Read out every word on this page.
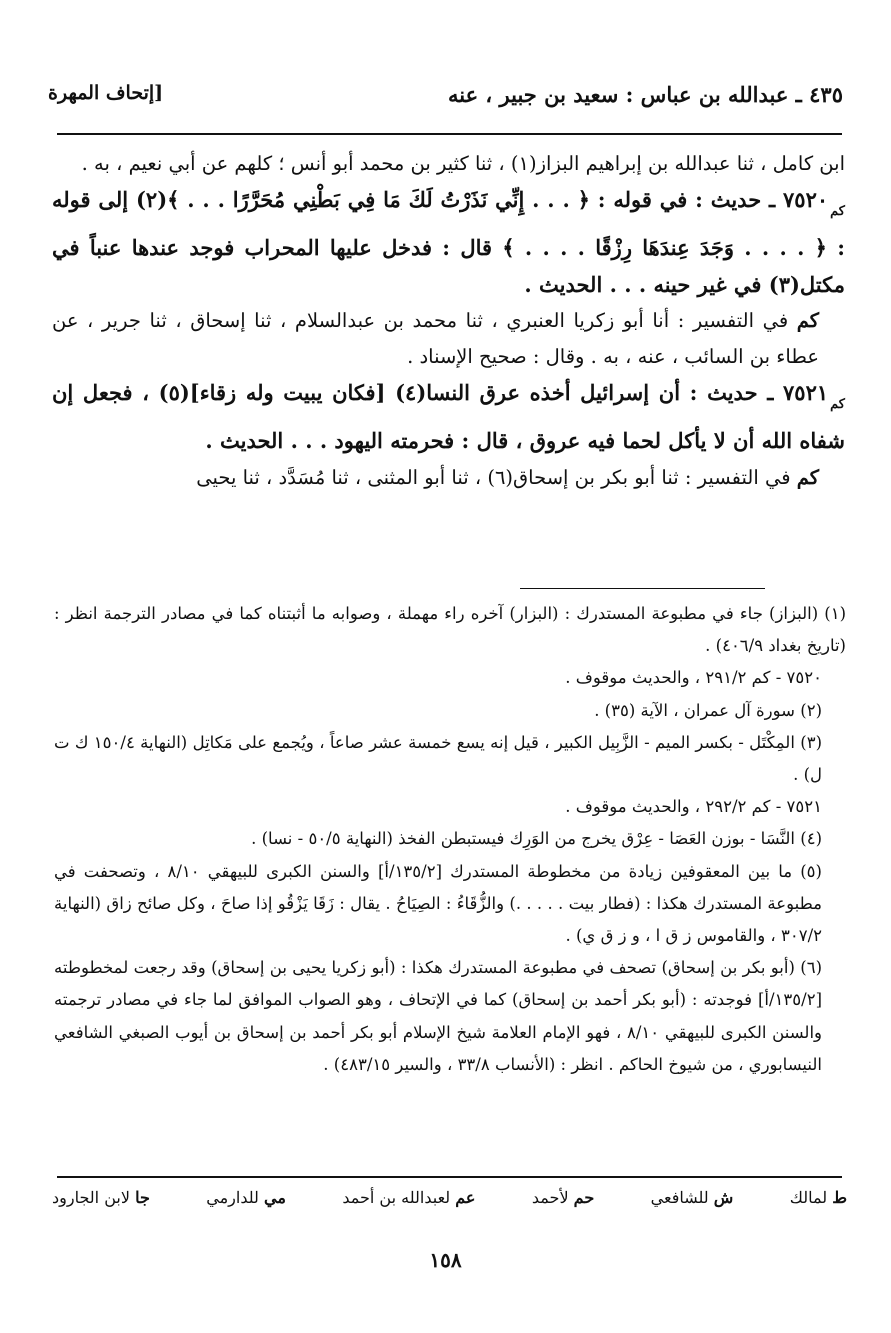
٤٣٥ ـ عبدالله بن عباس : سعيد بن جبير ، عنه
[إتحاف المهرة

ابن كامل ، ثنا عبدالله بن إبراهيم البزاز(١) ، ثنا كثير بن محمد أبو أنس ؛ كلهم عن أبي نعيم ، به .

$_{كم}$٧٥٢٠ ـ حديث : في قوله : ﴿ . . . إِنِّي نَذَرْتُ لَكَ مَا فِي بَطْنِي مُحَرَّرًا . . . ﴾(٢) إلى قوله : ﴿ . . . . وَجَدَ عِندَهَا رِزْقًا . . . . ﴾ قال : فدخل عليها المحراب فوجد عندها عنباً في مكتل(٣) في غير حينه . . . الحديث .

كم في التفسير : أنا أبو زكريا العنبري ، ثنا محمد بن عبدالسلام ، ثنا إسحاق ، ثنا جرير ، عن عطاء بن السائب ، عنه ، به . وقال : صحيح الإسناد .

$_{كم}$٧٥٢١ ـ حديث : أن إسرائيل أخذه عرق النسا(٤) [فكان يبيت وله زقاء](٥) ، فجعل إن شفاه الله أن لا يأكل لحما فيه عروق ، قال : فحرمته اليهود . . . الحديث .

كم في التفسير : ثنا أبو بكر بن إسحاق(٦) ، ثنا أبو المثنى ، ثنا مُسَدَّد ، ثنا يحيى

(١) (البزاز) جاء في مطبوعة المستدرك : (البزار) آخره راء مهملة ، وصوابه ما أثبتناه كما في مصادر الترجمة انظر : (تاريخ بغداد ٤٠٦/٩) .

٧٥٢٠ - كم ٢٩١/٢ ، والحديث موقوف .

(٢) سورة آل عمران ، الآية (٣٥) .

(٣) المِكْتَل - بكسر الميم - الزَّبِيل الكبير ، قيل إنه يسع خمسة عشر صاعاً ، ويُجمع على مَكاتِل (النهاية ١٥٠/٤ ك ت ل) .

٧٥٢١ - كم ٢٩٢/٢ ، والحديث موقوف .

(٤) النَّسَا - بوزن العَصَا - عِرْق يخرج من الوَرِك فيستبطن الفخذ (النهاية ٥٠/٥ - نسا) .

(٥) ما بين المعقوفين زيادة من مخطوطة المستدرك [١٣٥/٢/أ] والسنن الكبرى للبيهقي ٨/١٠ ، وتصحفت في مطبوعة المستدرك هكذا : (فطار بيت . . . . .) والزُّقَاءُ : الصِيَاحُ . يقال : زَقَا يَزْقُو إذا صاحَ ، وكل صائح زاق (النهاية ٣٠٧/٢ ، والقاموس ز ق ا ، و ز ق ي) .

(٦) (أبو بكر بن إسحاق) تصحف في مطبوعة المستدرك هكذا : (أبو زكريا يحيى بن إسحاق) وقد رجعت لمخطوطته [١٣٥/٢/أ] فوجدته : (أبو بكر أحمد بن إسحاق) كما في الإتحاف ، وهو الصواب الموافق لما جاء في مصادر ترجمته والسنن الكبرى للبيهقي ٨/١٠ ، فهو الإمام العلامة شيخ الإسلام أبو بكر أحمد بن إسحاق بن أيوب الصبغي الشافعي النيسابوري ، من شيوخ الحاكم . انظر : (الأنساب ٣٣/٨ ، والسير ٤٨٣/١٥) .

ط لمالك
ش للشافعي
حم لأحمد
عم لعبدالله بن أحمد
مي للدارمي
جا لابن الجارود
١٥٨
